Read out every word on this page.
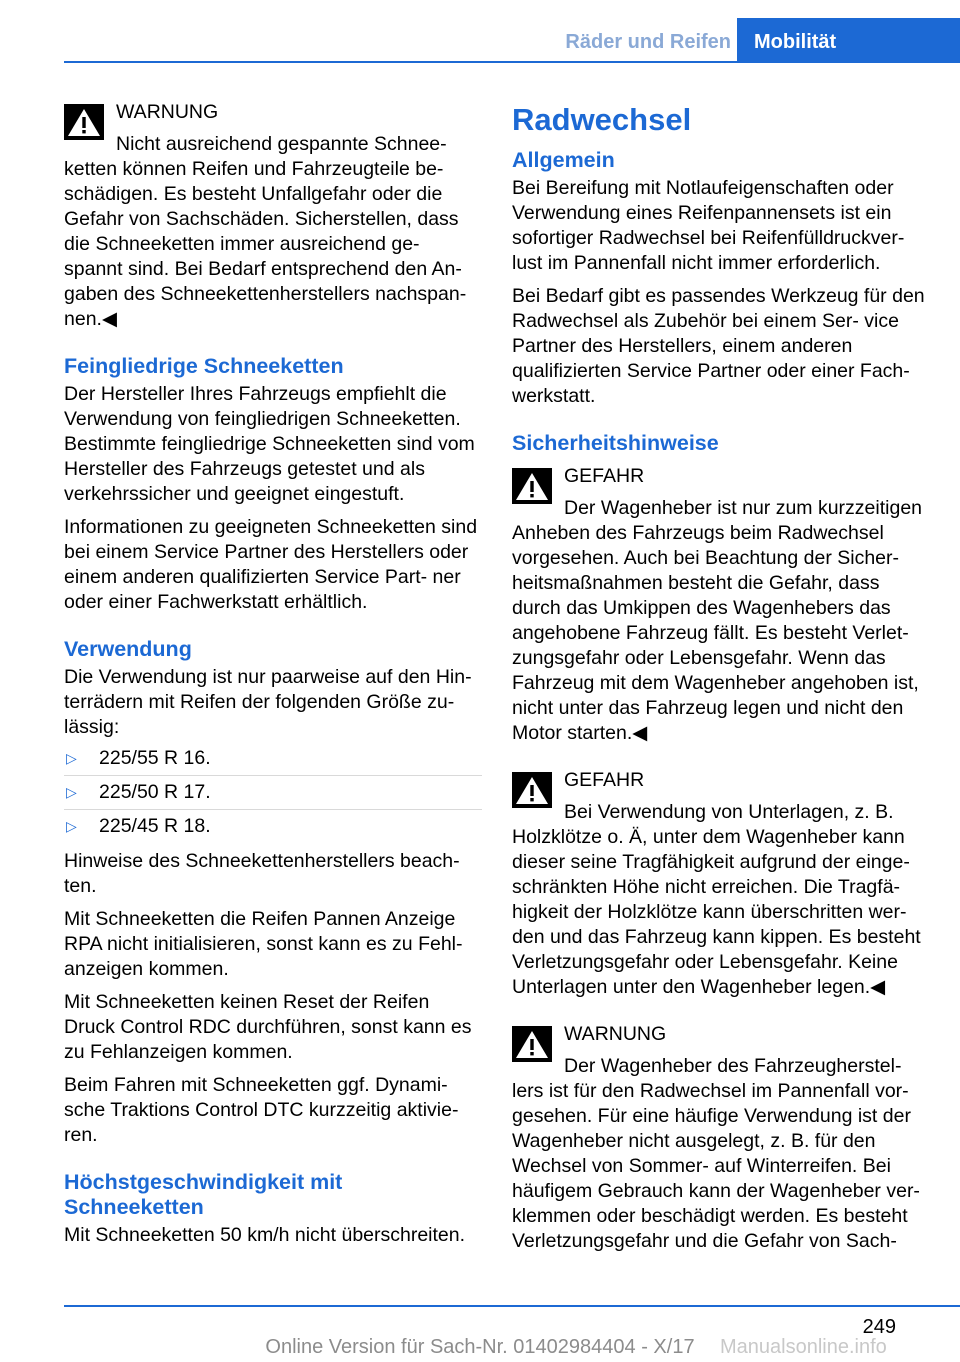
Räder und Reifen	Mobilität
WARNUNG

Nicht ausreichend gespannte Schnee- ketten können Reifen und Fahrzeugteile be- schädigen. Es besteht Unfallgefahr oder die Gefahr von Sachschäden. Sicherstellen, dass die Schneeketten immer ausreichend ge- spannt sind. Bei Bedarf entsprechend den An- gaben des Schneekettenherstellers nachspan- nen.◀

Feingliedrige Schneeketten

Der Hersteller Ihres Fahrzeugs empfiehlt die Verwendung von feingliedrigen Schneeketten. Bestimmte feingliedrige Schneeketten sind vom Hersteller des Fahrzeugs getestet und als verkehrssicher und geeignet eingestuft.

Informationen zu geeigneten Schneeketten sind bei einem Service Partner des Herstellers oder einem anderen qualifizierten Service Part- ner oder einer Fachwerkstatt erhältlich.

Verwendung

Die Verwendung ist nur paarweise auf den Hin- terrädern mit Reifen der folgenden Größe zu- lässig:

▷ 225/55 R 16.
▷ 225/50 R 17.
▷ 225/45 R 18.

Hinweise des Schneekettenherstellers beach- ten.

Mit Schneeketten die Reifen Pannen Anzeige RPA nicht initialisieren, sonst kann es zu Fehl- anzeigen kommen.

Mit Schneeketten keinen Reset der Reifen Druck Control RDC durchführen, sonst kann es zu Fehlanzeigen kommen.

Beim Fahren mit Schneeketten ggf. Dynami- sche Traktions Control DTC kurzzeitig aktivie- ren.

Höchstgeschwindigkeit mit Schneeketten

Mit Schneeketten 50 km/h nicht überschreiten.

Radwechsel
Allgemein

Bei Bereifung mit Notlaufeigenschaften oder Verwendung eines Reifenpannensets ist ein sofortiger Radwechsel bei Reifenfülldruckver- lust im Pannenfall nicht immer erforderlich.

Bei Bedarf gibt es passendes Werkzeug für den Radwechsel als Zubehör bei einem Ser- vice Partner des Herstellers, einem anderen qualifizierten Service Partner oder einer Fach- werkstatt.

Sicherheitshinweise
GEFAHR

Der Wagenheber ist nur zum kurzzeitigen Anheben des Fahrzeugs beim Radwechsel vorgesehen. Auch bei Beachtung der Sicher- heitsmaßnahmen besteht die Gefahr, dass durch das Umkippen des Wagenhebers das angehobene Fahrzeug fällt. Es besteht Verlet- zungsgefahr oder Lebensgefahr. Wenn das Fahrzeug mit dem Wagenheber angehoben ist, nicht unter das Fahrzeug legen und nicht den Motor starten.◀

GEFAHR

Bei Verwendung von Unterlagen, z. B. Holzklötze o. Ä, unter dem Wagenheber kann dieser seine Tragfähigkeit aufgrund der einge- schränkten Höhe nicht erreichen. Die Tragfä- higkeit der Holzklötze kann überschritten wer- den und das Fahrzeug kann kippen. Es besteht Verletzungsgefahr oder Lebensgefahr. Keine Unterlagen unter den Wagenheber legen.◀

WARNUNG

Der Wagenheber des Fahrzeugherstel- lers ist für den Radwechsel im Pannenfall vor- gesehen. Für eine häufige Verwendung ist der Wagenheber nicht ausgelegt, z. B. für den Wechsel von Sommer- auf Winterreifen. Bei häufigem Gebrauch kann der Wagenheber ver- klemmen oder beschädigt werden. Es besteht Verletzungsgefahr und die Gefahr von Sach-

249
Online Version für Sach-Nr. 01402984404 - X/17	Manualsonline.info
